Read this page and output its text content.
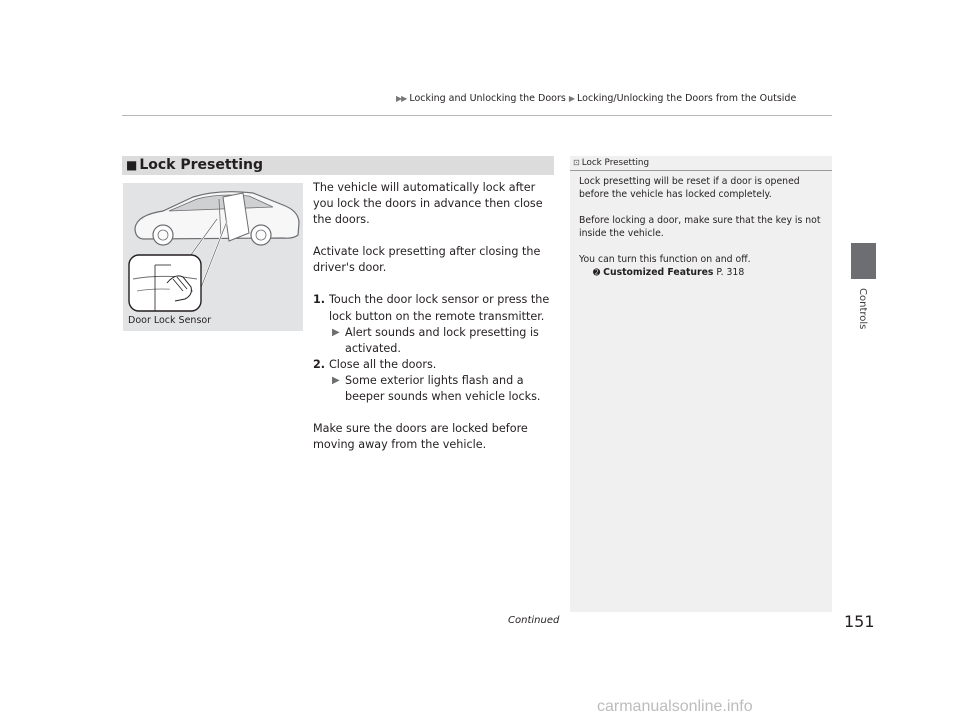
▶▶ Locking and Unlocking the Doors ▶ Locking/Unlocking the Doors from the Outside
Controls
■ Lock Presetting
Door Lock Sensor

The vehicle will automatically lock after you lock the doors in advance then close the doors.

Activate lock presetting after closing the driver's door.

1. Touch the door lock sensor or press the lock button on the remote transmitter.
▶ Alert sounds and lock presetting is activated.
2. Close all the doors.
▶ Some exterior lights flash and a beeper sounds when vehicle locks.

Make sure the doors are locked before moving away from the vehicle.

⊡ Lock Presetting

Lock presetting will be reset if a door is opened before the vehicle has locked completely.

Before locking a door, make sure that the key is not inside the vehicle.

You can turn this function on and off.
➋ Customized Features P. 318

Continued	151
carmanualsonline.info
